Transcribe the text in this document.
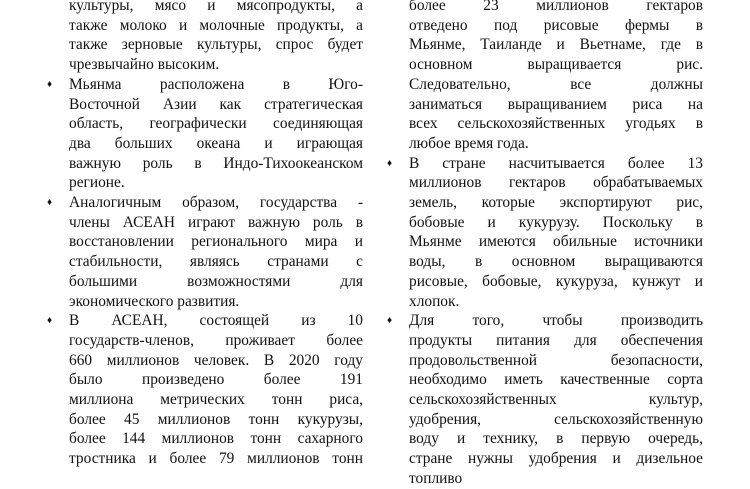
культуры, мясо и мясопродукты, а
также молоко и молочные продукты, а
также зерновые культуры, спрос будет
чрезвычайно высоким.
♦ Мьянма расположена в Юго-
Восточной Азии как стратегическая
область, географически соединяющая
два больших океана и играющая
важную роль в Индо-Тихоокеанском
регионе.
♦ Аналогичным образом, государства -
члены АСЕАН играют важную роль в
восстановлении регионального мира и
стабильности, являясь странами с
большими возможностями для
экономического развития.
♦ В АСЕАН, состоящей из 10
государств-членов, проживает более
660 миллионов человек. В 2020 году
было произведено более 191
миллиона метрических тонн риса,
более 45 миллионов тонн кукурузы,
более 144 миллионов тонн сахарного
тростника и более 79 миллионов тонн
более 23 миллионов гектаров
отведено под рисовые фермы в
Мьянме, Таиланде и Вьетнаме, где в
основном выращивается рис.
Следовательно, все должны
заниматься выращиванием риса на
всех сельскохозяйственных угодьях в
любое время года.
♦ В стране насчитывается более 13
миллионов гектаров обрабатываемых
земель, которые экспортируют рис,
бобовые и кукурузу. Поскольку в
Мьянме имеются обильные источники
воды, в основном выращиваются
рисовые, бобовые, кукуруза, кунжут и
хлопок.
♦ Для того, чтобы производить
продукты питания для обеспечения
продовольственной безопасности,
необходимо иметь качественные сорта
сельскохозяйственных культур,
удобрения, сельскохозяйственную
воду и технику, в первую очередь,
стране нужны удобрения и дизельное
топливо
